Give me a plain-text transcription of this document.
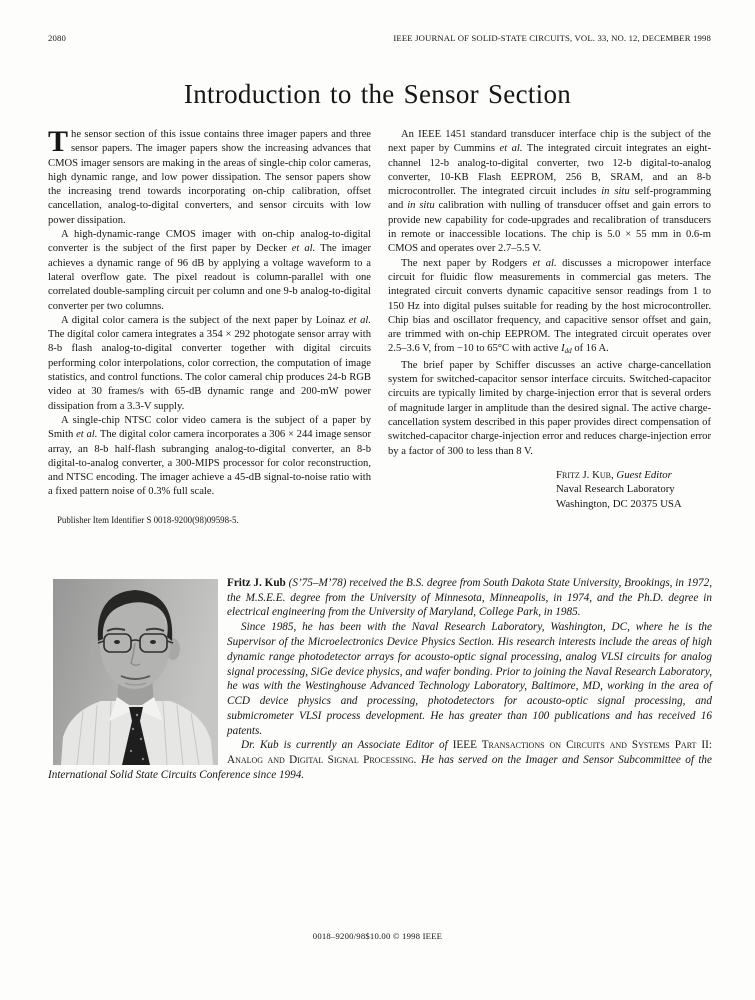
2080	IEEE JOURNAL OF SOLID-STATE CIRCUITS, VOL. 33, NO. 12, DECEMBER 1998
Introduction to the Sensor Section

The sensor section of this issue contains three imager papers and three sensor papers. The imager papers show the increasing advances that CMOS imager sensors are making in the areas of single-chip color cameras, high dynamic range, and low power dissipation. The sensor papers show the increasing trend towards incorporating on-chip calibration, offset cancellation, analog-to-digital converters, and sensor circuits with low power dissipation.

A high-dynamic-range CMOS imager with on-chip analog-to-digital converter is the subject of the first paper by Decker et al. The imager achieves a dynamic range of 96 dB by applying a voltage waveform to a lateral overflow gate. The pixel readout is column-parallel with one correlated double-sampling circuit per column and one 9-b analog-to-digital converter per two columns.

A digital color camera is the subject of the next paper by Loinaz et al. The digital color camera integrates a 354 × 292 photogate sensor array with 8-b flash analog-to-digital converter together with digital circuits performing color interpolations, color correction, the computation of image statistics, and control functions. The color cameral chip produces 24-b RGB video at 30 frames/s with 65-dB dynamic range and 200-mW power dissipation from a 3.3-V supply.

A single-chip NTSC color video camera is the subject of a paper by Smith et al. The digital color camera incorporates a 306 × 244 image sensor array, an 8-b half-flash subranging analog-to-digital converter, an 8-b digital-to-analog converter, a 300-MIPS processor for color reconstruction, and NTSC encoding. The imager achieve a 45-dB signal-to-noise ratio with a fixed pattern noise of 0.3% full scale.

Publisher Item Identifier S 0018-9200(98)09598-5.

An IEEE 1451 standard transducer interface chip is the subject of the next paper by Cummins et al. The integrated circuit integrates an eight-channel 12-b analog-to-digital converter, two 12-b digital-to-analog converter, 10-KB Flash EEPROM, 256 B, SRAM, and an 8-b microcontroller. The integrated circuit includes in situ self-programming and in situ calibration with nulling of transducer offset and gain errors to provide new capability for code-upgrades and recalibration of transducers in remote or inaccessible locations. The chip is 5.0 × 55 mm in 0.6-m CMOS and operates over 2.7–5.5 V.

The next paper by Rodgers et al. discusses a micropower interface circuit for fluidic flow measurements in commercial gas meters. The integrated circuit converts dynamic capacitive sensor readings from 1 to 150 Hz into digital pulses suitable for reading by the host microcontroller. Chip bias and oscillator frequency, and capacitive sensor offset and gain, are trimmed with on-chip EEPROM. The integrated circuit operates over 2.5–3.6 V, from −10 to 65°C with active Idd of 16 A.

The brief paper by Schiffer discusses an active charge-cancellation system for switched-capacitor sensor interface circuits. Switched-capacitor circuits are typically limited by charge-injection error that is several orders of magnitude larger in amplitude than the desired signal. The active charge-cancellation system described in this paper provides direct compensation of switched-capacitor charge-injection error and reduces charge-injection error by a factor of 300 to less than 8 V.

Fritz J. Kub, Guest Editor
Naval Research Laboratory
Washington, DC 20375 USA

Fritz J. Kub (S’75–M’78) received the B.S. degree from South Dakota State University, Brookings, in 1972, the M.S.E.E. degree from the University of Minnesota, Minneapolis, in 1974, and the Ph.D. degree in electrical engineering from the University of Maryland, College Park, in 1985.

Since 1985, he has been with the Naval Research Laboratory, Washington, DC, where he is the Supervisor of the Microelectronics Device Physics Section. His research interests include the areas of high dynamic range photodetector arrays for acousto-optic signal processing, analog VLSI circuits for analog signal processing, SiGe device physics, and wafer bonding. Prior to joining the Naval Research Laboratory, he was with the Westinghouse Advanced Technology Laboratory, Baltimore, MD, working in the area of CCD device physics and processing, photodetectors for acousto-optic signal processing, and submicrometer VLSI process development. He has greater than 100 publications and has received 16 patents.

Dr. Kub is currently an Associate Editor of IEEE Transactions on Circuits and Systems Part II: Analog and Digital Signal Processing. He has served on the Imager and Sensor Subcommittee of the International Solid State Circuits Conference since 1994.

0018–9200/98$10.00 © 1998 IEEE
